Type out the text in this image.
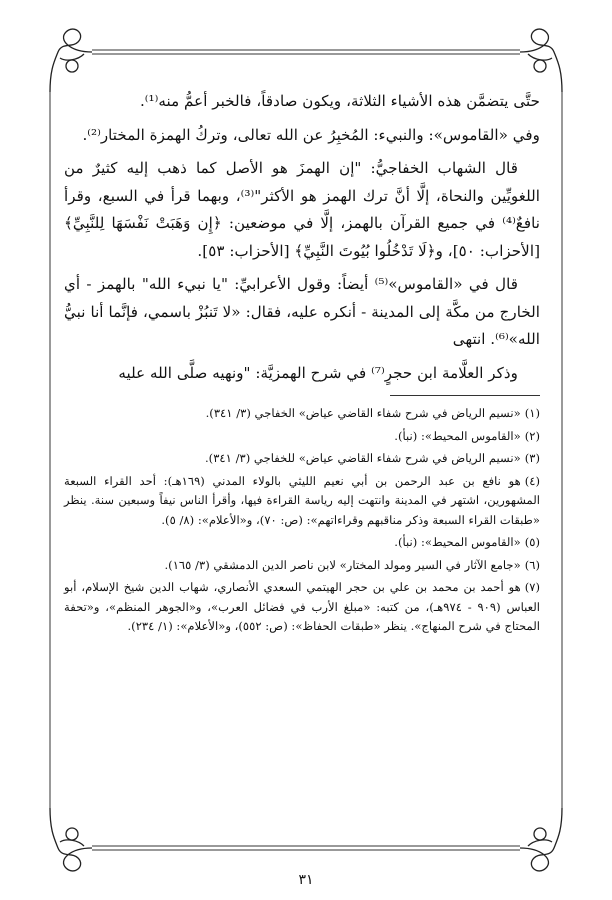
حتَّى يتضمَّن هذه الأشياء الثلاثة، ويكون صادقاً، فالخبر أعمُّ منه⁽¹⁾.

وفي «القاموس»: والنبيء: المُخبِرُ عن الله تعالى، وتركُ الهمزة المختار⁽²⁾.

قال الشهاب الخفاجيُّ: "إن الهمزَ هو الأصل كما ذهب إليه كثيرٌ من اللغويِّين والنحاة، إلَّا أنَّ ترك الهمز هو الأكثر"⁽³⁾، وبهما قرأ في السبع، وقرأ نافعٌ⁽⁴⁾ في جميع القرآن بالهمز، إلَّا في موضعين: ﴿إِن وَهَبَتْ نَفْسَهَا لِلنَّبِيِّ﴾ [الأحزاب: ٥٠]، و﴿لَا تَدْخُلُوا بُيُوتَ النَّبِيِّ﴾ [الأحزاب: ٥٣].

قال في «القاموس»⁽⁵⁾ أيضاً: وقول الأعرابيِّ: "يا نبيء الله" بالهمز - أي الخارج من مكَّة إلى المدينة - أنكره عليه، فقال: «لا تَنبُزْ باسمي، فإنَّما أنا نبيُّ الله»⁽⁶⁾. انتهى

وذكر العلَّامة ابن حجرٍ⁽⁷⁾ في شرح الهمزيَّة: "ونهيه صلَّى الله عليه

(١)«نسيم الرياض في شرح شفاء القاضي عياض» الخفاجي (٣/ ٣٤١).
(٢)«القاموس المحيط»: (نبأ).
(٣)«نسيم الرياض في شرح شفاء القاضي عياض» للخفاجي (٣/ ٣٤١).
(٤)هو نافع بن عبد الرحمن بن أبي نعيم الليثي بالولاء المدني (١٦٩هـ): أحد القراء السبعة المشهورين، اشتهر في المدينة وانتهت إليه رياسة القراءة فيها، وأقرأ الناس نيفاً وسبعين سنة. ينظر «طبقات القراء السبعة وذكر مناقبهم وقراءاتهم»: (ص: ٧٠)، و«الأعلام»: (٨/ ٥).
(٥)«القاموس المحيط»: (نبأ).
(٦)«جامع الآثار في السير ومولد المختار» لابن ناصر الدين الدمشقي (٣/ ١٦٥).
(٧)هو أحمد بن محمد بن علي بن حجر الهيتمي السعدي الأنصاري، شهاب الدين شيخ الإسلام، أبو العباس (٩٠٩ - ٩٧٤هـ)، من كتبه: «مبلغ الأرب في فضائل العرب»، و«الجوهر المنظم»، و«تحفة المحتاج في شرح المنهاج». ينظر «طبقات الحفاظ»: (ص: ٥٥٢)، و«الأعلام»: (١/ ٢٣٤).
٣١
